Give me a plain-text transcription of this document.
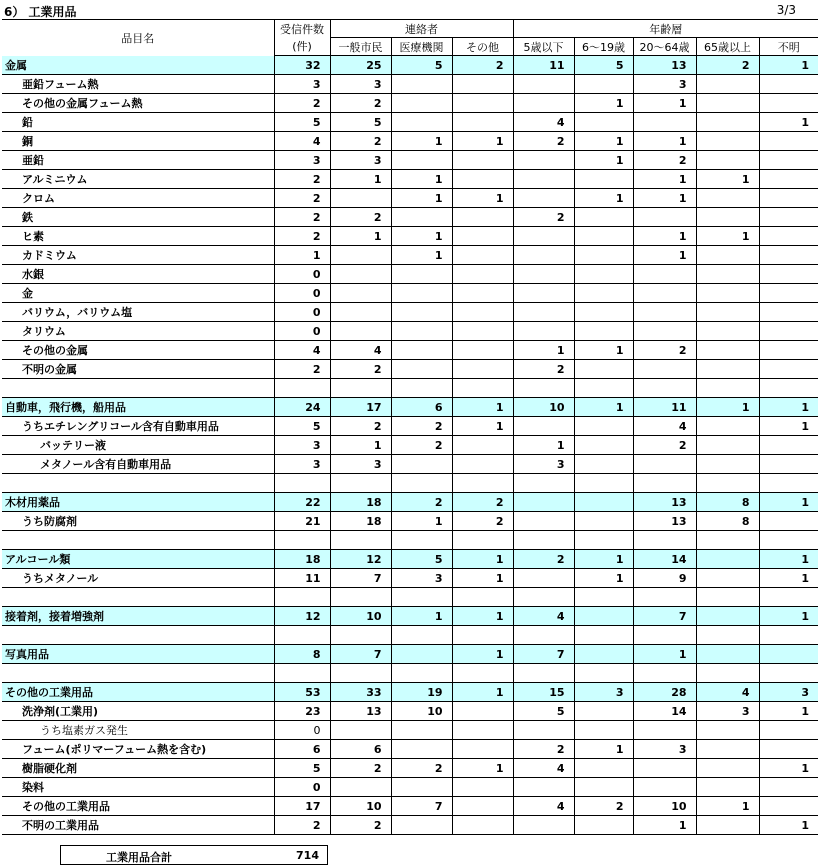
6） 工業用品	3/3
品目名	受信件数	連絡者			年齢層				
	(件)	一般市民	医療機関	その他	5歳以下	6～19歳	20～64歳	65歳以上	不明
金属	32	25	5	2	11	5	13	2	1
亜鉛フューム熱	3	3					3		
その他の金属フューム熱	2	2				1	1		
鉛	5	5			4				1
銅	4	2	1	1	2	1	1		
亜鉛	3	3				1	2		
アルミニウム	2	1	1				1	1	
クロム	2		1	1		1	1		
鉄	2	2			2				
ヒ素	2	1	1				1	1	
カドミウム	1		1				1		
水銀	0								
金	0								
バリウム，バリウム塩	0								
タリウム	0								
その他の金属	4	4			1	1	2		
不明の金属	2	2			2				

自動車，飛行機，船用品	24	17	6	1	10	1	11	1	1
うちエチレングリコール含有自動車用品	5	2	2	1			4		1
バッテリー液	3	1	2		1		2		
メタノール含有自動車用品	3	3			3				

木材用薬品	22	18	2	2			13	8	1
うち防腐剤	21	18	1	2			13	8	

アルコール類	18	12	5	1	2	1	14		1
うちメタノール	11	7	3	1		1	9		1

接着剤，接着増強剤	12	10	1	1	4		7		1

写真用品	8	7		1	7		1		

その他の工業用品	53	33	19	1	15	3	28	4	3
洗浄剤(工業用)	23	13	10		5		14	3	1
うち塩素ガス発生	0								
フューム(ポリマーフューム熱を含む)	6	6			2	1	3		
樹脂硬化剤	5	2	2	1	4				1
染料	0								
その他の工業用品	17	10	7		4	2	10	1	
不明の工業用品	2	2					1		1
工業用品合計	714
